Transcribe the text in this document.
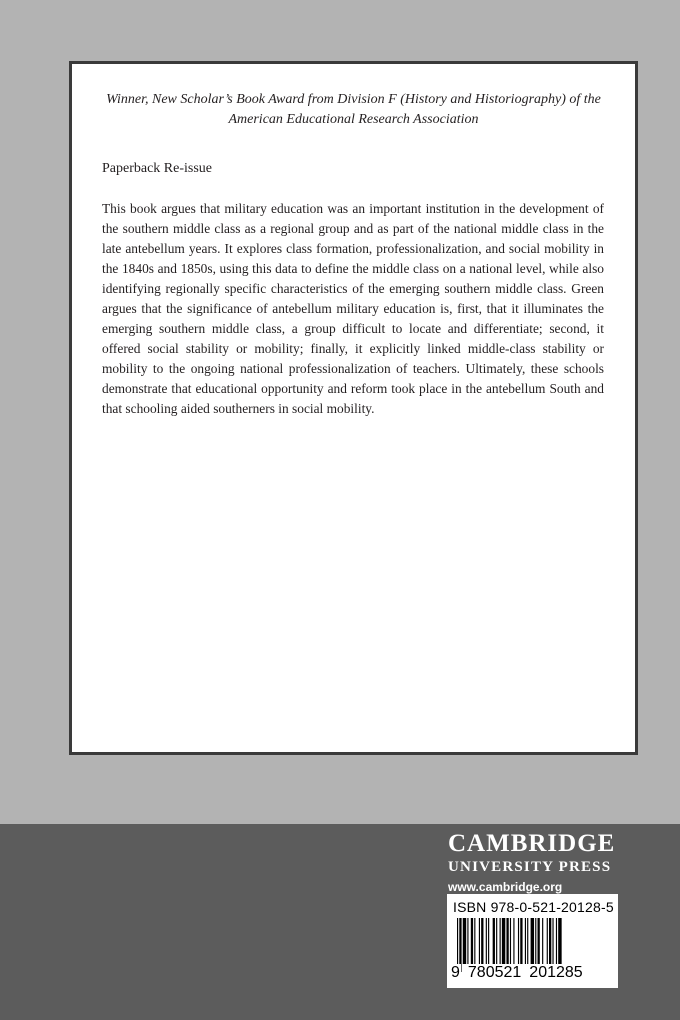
Winner, New Scholar’s Book Award from Division F (History and Historiography) of the American Educational Research Association
Paperback Re-issue
This book argues that military education was an important institution in the development of the southern middle class as a regional group and as part of the national middle class in the late antebellum years. It explores class formation, professionalization, and social mobility in the 1840s and 1850s, using this data to define the middle class on a national level, while also identifying regionally specific characteristics of the emerging southern middle class. Green argues that the significance of antebellum military education is, first, that it illuminates the emerging southern middle class, a group difficult to locate and differentiate; second, it offered social stability or mobility; finally, it explicitly linked middle-class stability or mobility to the ongoing national professionalization of teachers. Ultimately, these schools demonstrate that educational opportunity and reform took place in the antebellum South and that schooling aided southerners in social mobility.
CAMBRIDGE
UNIVERSITY PRESS
www.cambridge.org
ISBN 978-0-521-20128-5
9 780521 201285
